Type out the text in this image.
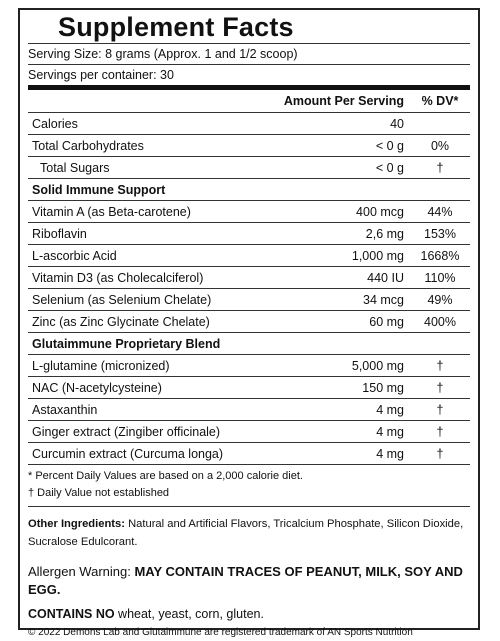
Supplement Facts
Serving Size: 8 grams (Approx. 1 and 1/2 scoop)
Servings per container: 30
Amount Per Serving	% DV*
Calories	40
Total Carbohydrates	< 0 g	0%
Total Sugars	< 0 g	†
Solid Immune Support
Vitamin A (as Beta-carotene)	400 mcg	44%
Riboflavin	2,6 mg	153%
L-ascorbic Acid	1,000 mg	1668%
Vitamin D3 (as Cholecalciferol)	440 IU	110%
Selenium (as Selenium Chelate)	34 mcg	49%
Zinc (as Zinc Glycinate Chelate)	60 mg	400%
Glutaimmune Proprietary Blend
L-glutamine (micronized)	5,000 mg	†
NAC (N-acetylcysteine)	150 mg	†
Astaxanthin	4 mg	†
Ginger extract (Zingiber officinale)	4 mg	†
Curcumin extract (Curcuma longa)	4 mg	†
* Percent Daily Values are based on a 2,000 calorie diet.
† Daily Value not established
Other Ingredients: Natural and Artificial Flavors, Tricalcium Phosphate, Silicon Dioxide, Sucralose Edulcorant.
Allergen Warning: MAY CONTAIN TRACES OF PEANUT, MILK, SOY AND EGG.
CONTAINS NO wheat, yeast, corn, gluten.
© 2022 Demons Lab and Glutaimmune are registered trademark of AN Sports Nutrition
